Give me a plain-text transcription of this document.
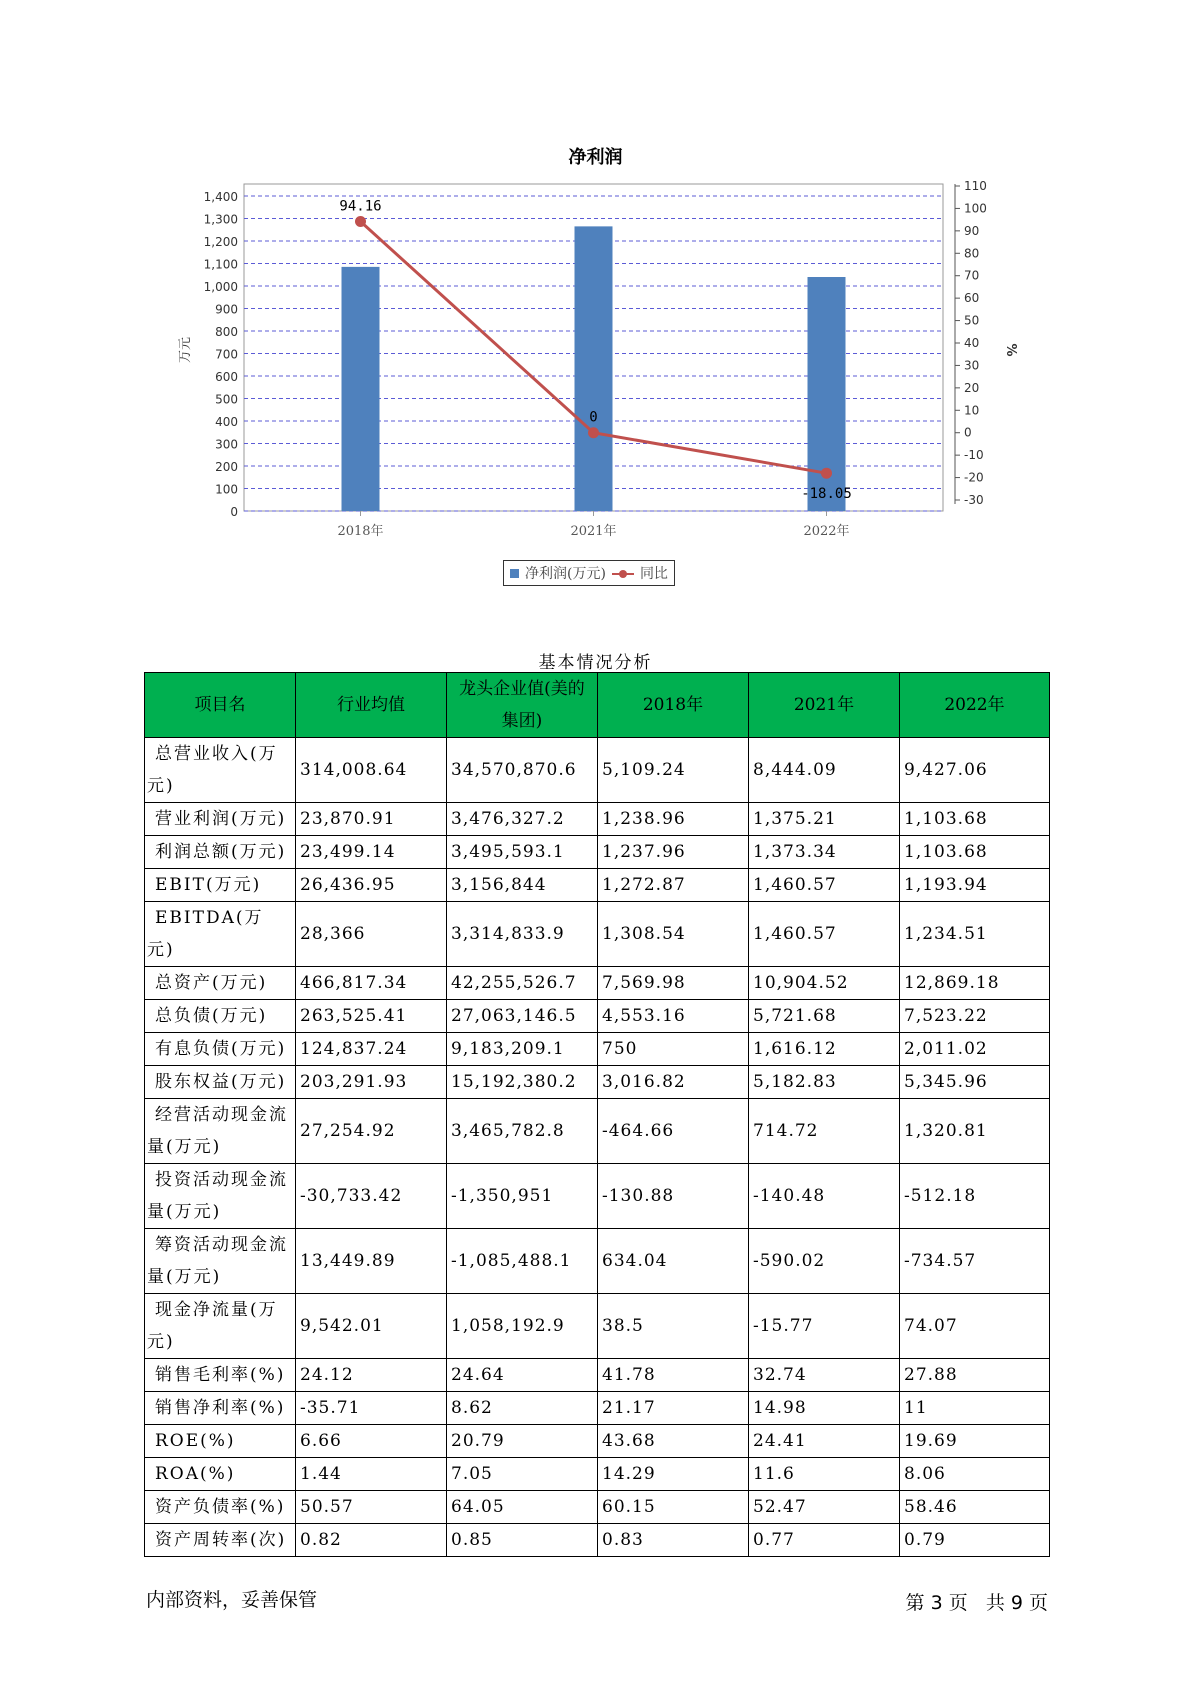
净利润
0
100
200
300
400
500
600
700
800
900
1,000
1,100
1,200
1,300
1,400
-30
-20
-10
0
10
20
30
40
50
60
70
80
90
100
110
万元	%
2018年	2021年	2022年
94.16
0
-18.05
净利润(万元) 同比
基本情况分析
项目名	行业均值	龙头企业值(美的集团)	2018年	2021年	2022年
总营业收入(万元)	314,008.64	34,570,870.6	5,109.24	8,444.09	9,427.06
营业利润(万元)	23,870.91	3,476,327.2	1,238.96	1,375.21	1,103.68
利润总额(万元)	23,499.14	3,495,593.1	1,237.96	1,373.34	1,103.68
EBIT(万元)	26,436.95	3,156,844	1,272.87	1,460.57	1,193.94
EBITDA(万元)	28,366	3,314,833.9	1,308.54	1,460.57	1,234.51
总资产(万元)	466,817.34	42,255,526.7	7,569.98	10,904.52	12,869.18
总负债(万元)	263,525.41	27,063,146.5	4,553.16	5,721.68	7,523.22
有息负债(万元)	124,837.24	9,183,209.1	750	1,616.12	2,011.02
股东权益(万元)	203,291.93	15,192,380.2	3,016.82	5,182.83	5,345.96
经营活动现金流量(万元)	27,254.92	3,465,782.8	-464.66	714.72	1,320.81
投资活动现金流量(万元)	-30,733.42	-1,350,951	-130.88	-140.48	-512.18
筹资活动现金流量(万元)	13,449.89	-1,085,488.1	634.04	-590.02	-734.57
现金净流量(万元)	9,542.01	1,058,192.9	38.5	-15.77	74.07
销售毛利率(%)	24.12	24.64	41.78	32.74	27.88
销售净利率(%)	-35.71	8.62	21.17	14.98	11
ROE(%)	6.66	20.79	43.68	24.41	19.69
ROA(%)	1.44	7.05	14.29	11.6	8.06
资产负债率(%)	50.57	64.05	60.15	52.47	58.46
资产周转率(次)	0.82	0.85	0.83	0.77	0.79
内部资料，妥善保管	第 3 页   共 9 页
